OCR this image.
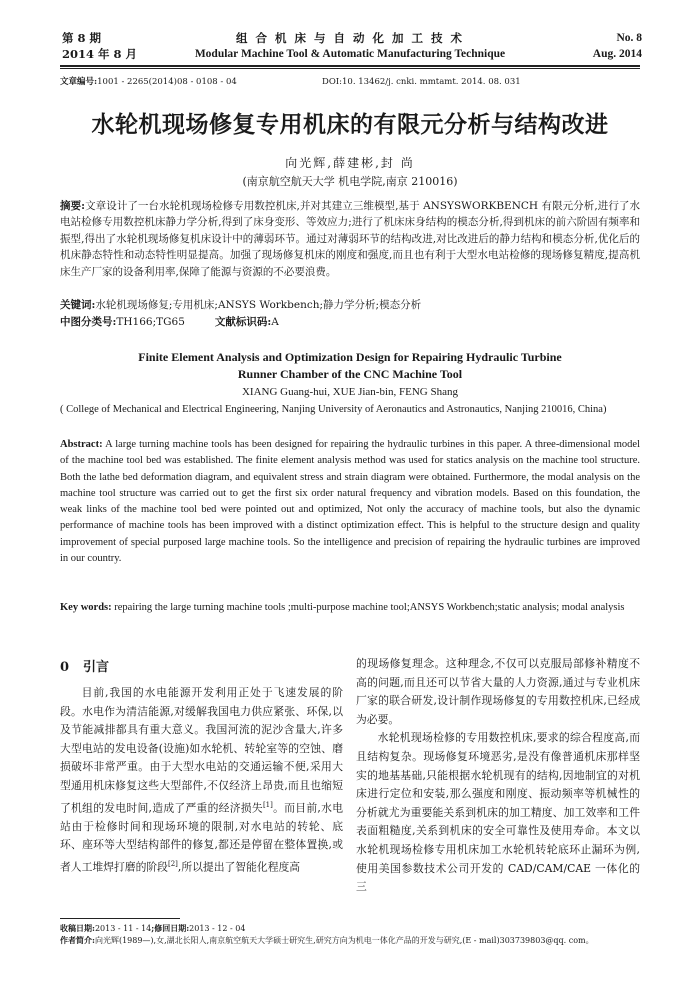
第 8 期
2014 年 8 月
组 合 机 床 与 自 动 化 加 工 技 术
Modular Machine Tool & Automatic Manufacturing Technique
No. 8
Aug. 2014
文章编号:1001 - 2265(2014)08 - 0108 - 04	DOI:10. 13462/j. cnki. mmtamt. 2014. 08. 031
水轮机现场修复专用机床的有限元分析与结构改进
向光辉,薛建彬,封 尚
(南京航空航天大学 机电学院,南京 210016)
摘要:文章设计了一台水轮机现场检修专用数控机床,并对其建立三维模型,基于 ANSYSWORKBENCH 有限元分析,进行了水电站检修专用数控机床静力学分析,得到了床身变形、等效应力;进行了机床床身结构的模态分析,得到机床的前六阶固有频率和振型,得出了水轮机现场修复机床设计中的薄弱环节。通过对薄弱环节的结构改进,对比改进后的静力结构和模态分析,优化后的机床静态特性和动态特性明显提高。加强了现场修复机床的刚度和强度,而且也有利于大型水电站检修的现场修复精度,提高机床生产厂家的设备利用率,保障了能源与资源的不必要浪费。
关键词:水轮机现场修复;专用机床;ANSYS Workbench;静力学分析;模态分析
中图分类号:TH166;TG65	文献标识码:A
Finite Element Analysis and Optimization Design for Repairing Hydraulic Turbine
Runner Chamber of the CNC Machine Tool
XIANG Guang-hui, XUE Jian-bin, FENG Shang
( College of Mechanical and Electrical Engineering, Nanjing University of Aeronautics and Astronautics, Nanjing 210016, China)
Abstract: A large turning machine tools has been designed for repairing the hydraulic turbines in this paper. A three-dimensional model of the machine tool bed was established. The finite element analysis method was used for statics analysis on the machine tool structure. Both the lathe bed deformation diagram, and equivalent stress and strain diagram were obtained. Furthermore, the modal analysis on the machine tool structure was carried out to get the first six order natural frequency and vibration models. Based on this foundation, the weak links of the machine tool bed were pointed out and optimized, Not only the accuracy of machine tools, but also the dynamic performance of machine tools has been improved with a distinct optimization effect. This is helpful to the structure design and quality improvement of special purposed large machine tools. So the intelligence and precision of repairing the hydraulic turbines are improved in our country.
Key words: repairing the large turning machine tools ;multi-purpose machine tool;ANSYS Workbench;static analysis; modal analysis
0 引言

目前,我国的水电能源开发利用正处于飞速发展的阶段。水电作为清洁能源,对缓解我国电力供应紧张、环保,以及节能减排都具有重大意义。我国河流的泥沙含量大,许多大型电站的发电设备(设施)如水轮机、转轮室等的空蚀、磨损破坏非常严重。由于大型水电站的交通运输不便,采用大型通用机床修复这些大型部件,不仅经济上昂贵,而且也缩短了机组的发电时间,造成了严重的经济损失[1]。而目前,水电站由于检修时间和现场环境的限制,对水电站的转轮、底环、座环等大型结构部件的修复,都还是停留在整体置换,或者人工堆焊打磨的阶段[2],所以提出了智能化程度高

的现场修复理念。这种理念,不仅可以克服局部修补精度不高的问题,而且还可以节省大量的人力资源,通过与专业机床厂家的联合研发,设计制作现场修复的专用数控机床,已经成为必要。

水轮机现场检修的专用数控机床,要求的综合程度高,而且结构复杂。现场修复环境恶劣,是没有像普通机床那样坚实的地基基础,只能根据水轮机现有的结构,因地制宜的对机床进行定位和安装,那么强度和刚度、振动频率等机械性的分析就尤为重要能关系到机床的加工精度、加工效率和工件表面粗糙度,关系到机床的安全可靠性及使用寿命。本文以水轮机现场检修专用机床加工水轮机转轮底环止漏环为例,使用美国参数技术公司开发的 CAD/CAM/CAE 一体化的三

收稿日期:2013 - 11 - 14;修回日期:2013 - 12 - 04
作者简介:向光辉(1989—),女,湖北长阳人,南京航空航天大学硕士研究生,研究方向为机电一体化产品的开发与研究,(E - mail)303739803@qq. com。
